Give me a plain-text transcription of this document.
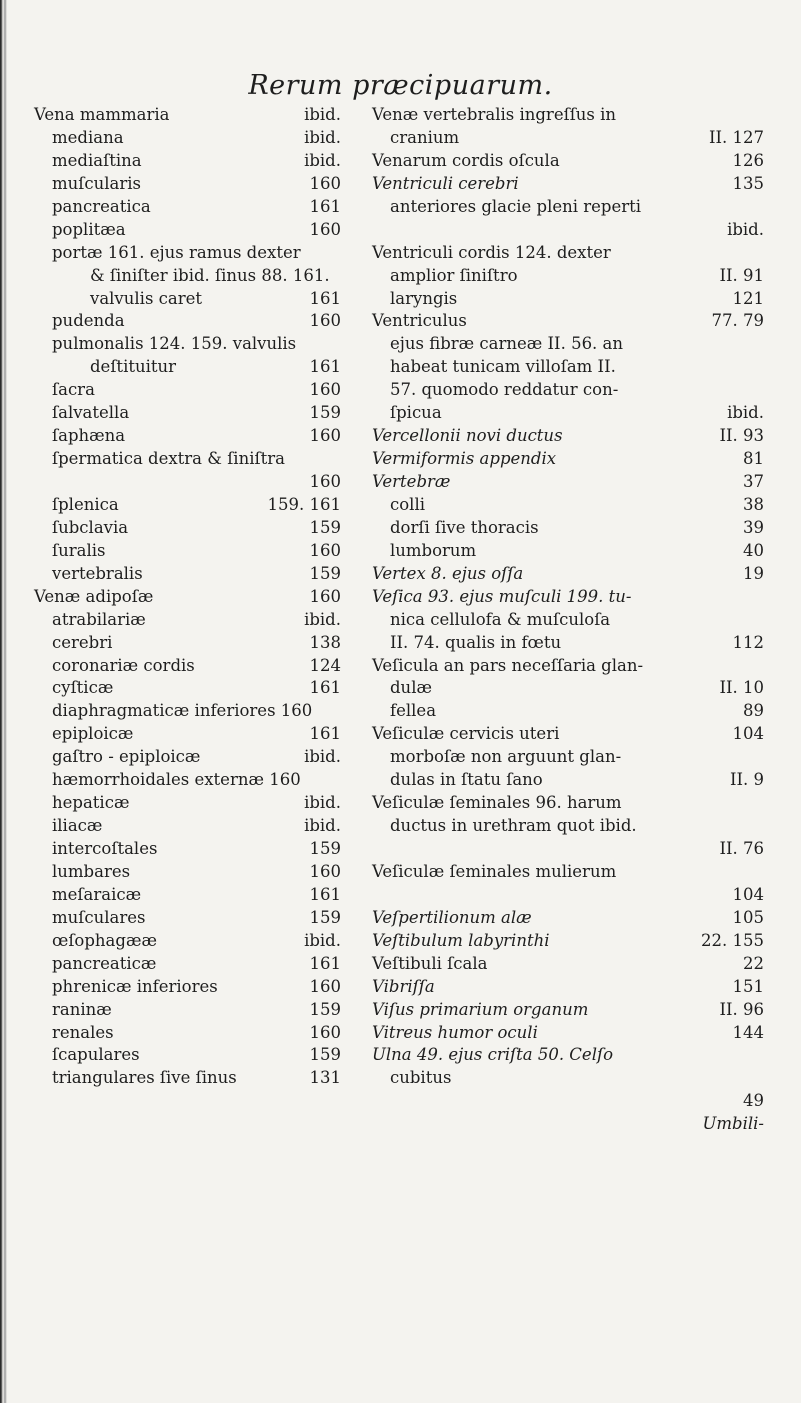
Rerum præcipuarum.
Vena mammaria	ibid.
mediana	ibid.
mediaſtina	ibid.
muſcularis	160
pancreatica	161
poplitæa	160
portæ 161. ejus ramus dexter
& ſiniſter ibid. ſinus 88. 161.
valvulis caret	161
pudenda	160
pulmonalis 124. 159. valvulis
deſtituitur	161
ſacra	160
ſalvatella	159
ſaphæna	160
ſpermatica dextra & ſiniſtra
160
ſplenica	159. 161
ſubclavia	159
ſuralis	160
vertebralis	159
Venæ adipoſæ	160
atrabilariæ	ibid.
cerebri	138
coronariæ cordis	124
cyſticæ	161
diaphragmaticæ inferiores 160
epiploicæ	161
gaſtro - epiploicæ	ibid.
hæmorrhoidales externæ 160
hepaticæ	ibid.
iliacæ	ibid.
intercoſtales	159
lumbares	160
meſaraicæ	161
muſculares	159
œſophagææ	ibid.
pancreaticæ	161
phrenicæ inferiores	160
raninæ	159
renales	160
ſcapulares	159
triangulares ſive ſinus	131
Venæ vertebralis ingreſſus in
cranium	II. 127
Venarum cordis oſcula	126
Ventriculi cerebri	135
anteriores glacie pleni reperti
ibid.
Ventriculi cordis 124. dexter
amplior ſiniſtro	II. 91
laryngis	121
Ventriculus	77. 79
ejus fibræ carneæ II. 56. an
habeat tunicam villoſam II.
57. quomodo reddatur con-
ſpicua	ibid.
Vercellonii novi ductus	II. 93
Vermiformis appendix	81
Vertebræ	37
colli	38
dorſi ſive thoracis	39
lumborum	40
Vertex 8. ejus oſſa	19
Veſica 93. ejus muſculi 199. tu-
nica cellulofa & muſculoſa
II. 74. qualis in fœtu	112
Veſicula an pars neceſſaria glan-
dulæ	II. 10
fellea	89
Veſiculæ cervicis uteri	104
morboſæ non arguunt glan-
dulas in ſtatu ſano	II. 9
Veſiculæ ſeminales 96. harum
ductus in urethram quot ibid.
II. 76
Veſiculæ ſeminales mulierum
104
Veſpertilionum alæ	105
Veſtibulum labyrinthi	22. 155
Veſtibuli ſcala	22
Vibriſſa	151
Viſus primarium organum	II. 96
Vitreus humor oculi	144
Ulna 49. ejus criſta 50. Celſo
cubitus
49
Umbili-
